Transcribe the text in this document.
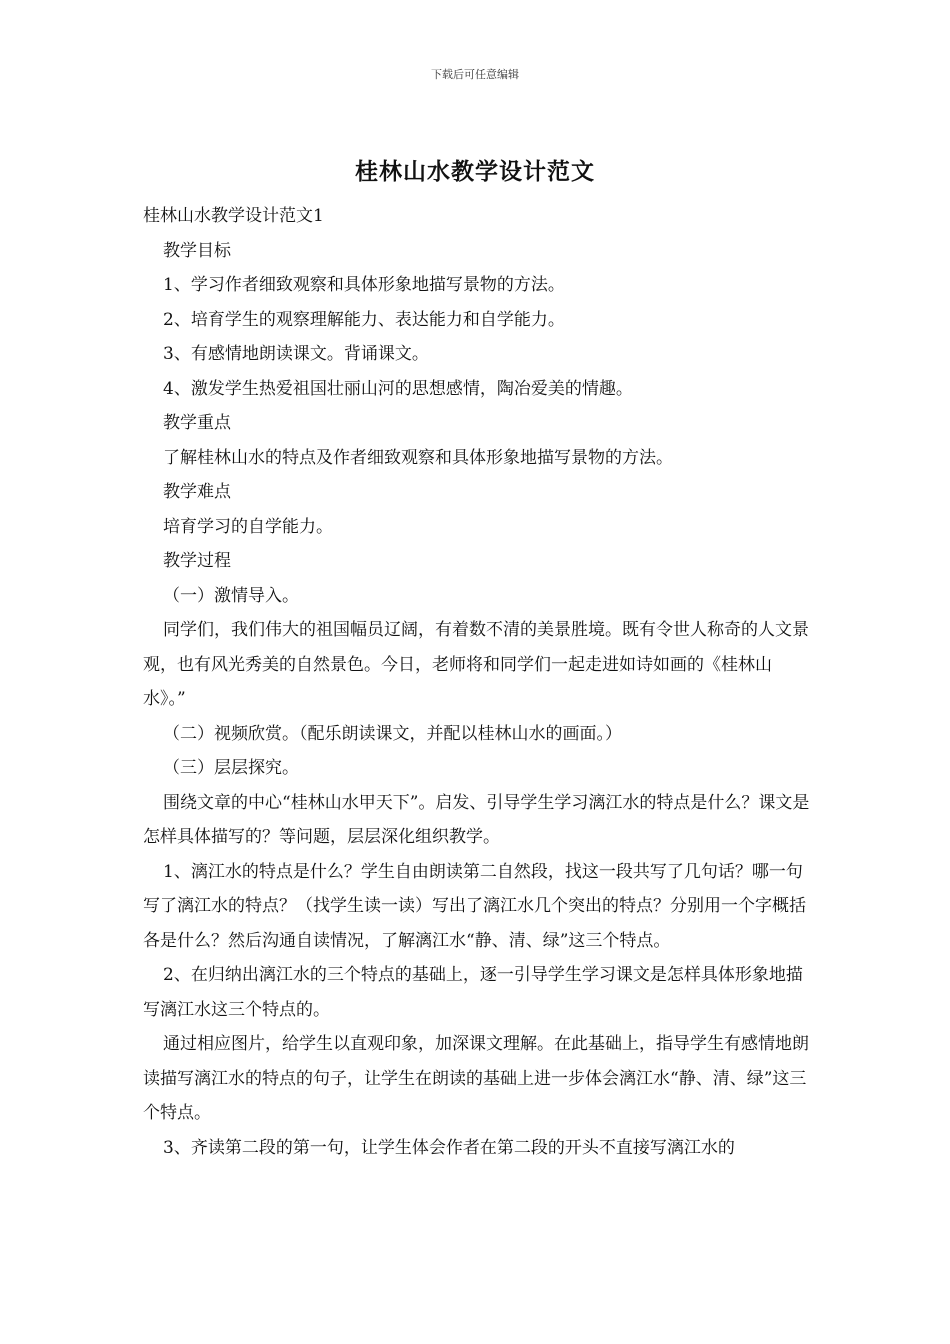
下载后可任意编辑
桂林山水教学设计范文

桂林山水教学设计范文1

教学目标

1、学习作者细致观察和具体形象地描写景物的方法。

2、培育学生的观察理解能力、表达能力和自学能力。

3、有感情地朗读课文。背诵课文。

4、激发学生热爱祖国壮丽山河的思想感情，陶冶爱美的情趣。

教学重点

了解桂林山水的特点及作者细致观察和具体形象地描写景物的方法。

教学难点

培育学习的自学能力。

教学过程

（一）激情导入。

同学们，我们伟大的祖国幅员辽阔，有着数不清的美景胜境。既有令世人称奇的人文景观，也有风光秀美的自然景色。今日，老师将和同学们一起走进如诗如画的《桂林山水》。”

（二）视频欣赏。（配乐朗读课文，并配以桂林山水的画面。）

（三）层层探究。

围绕文章的中心“桂林山水甲天下”。启发、引导学生学习漓江水的特点是什么？课文是怎样具体描写的？等问题，层层深化组织教学。

1、漓江水的特点是什么？学生自由朗读第二自然段，找这一段共写了几句话？哪一句写了漓江水的特点？（找学生读一读）写出了漓江水几个突出的特点？分别用一个字概括各是什么？然后沟通自读情况，了解漓江水“静、清、绿”这三个特点。

2、在归纳出漓江水的三个特点的基础上，逐一引导学生学习课文是怎样具体形象地描写漓江水这三个特点的。

通过相应图片，给学生以直观印象，加深课文理解。在此基础上，指导学生有感情地朗读描写漓江水的特点的句子，让学生在朗读的基础上进一步体会漓江水“静、清、绿”这三个特点。

3、齐读第二段的第一句，让学生体会作者在第二段的开头不直接写漓江水的
